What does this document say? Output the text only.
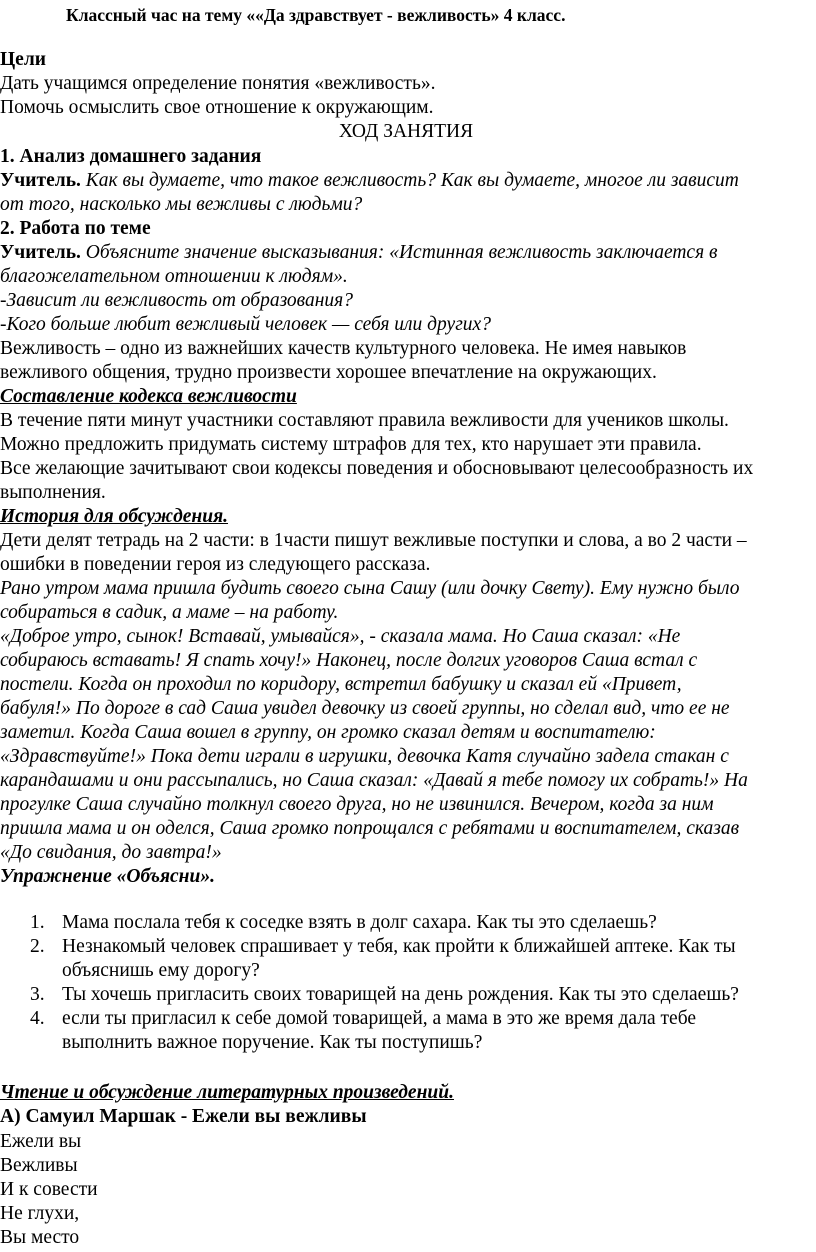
Классный час на тему ««Да здравствует - вежливость» 4 класс.

Цели

Дать учащимся определение понятия «вежливость».

Помочь осмыслить свое отношение к окружающим.

ХОД ЗАНЯТИЯ

1. Анализ домашнего задания

Учитель. Как вы думаете, что такое вежливость? Как вы думаете, многое ли зависит

от того, насколько мы вежливы с людьми?

2. Работа по теме

Учитель. Объясните значение высказывания: «Истинная вежливость заключается в

благожелательном отношении к людям».

-Зависит ли вежливость от образования?

-Кого больше любит вежливый человек — себя или других?

Вежливость – одно из важнейших качеств культурного человека. Не имея навыков

вежливого общения, трудно произвести хорошее впечатление на окружающих.

Составление кодекса вежливости

В течение пяти минут участники составляют правила вежливости для учеников школы.

Можно предложить придумать систему штрафов для тех, кто нарушает эти правила.

Все желающие зачитывают свои кодексы поведения и обосновывают целесообразность их

выполнения.

История для обсуждения.

Дети делят тетрадь на 2 части: в 1части пишут вежливые поступки и слова, а во 2 части –

ошибки в поведении героя из следующего рассказа.

Рано утром мама пришла будить своего сына Сашу (или дочку Свету). Ему нужно было

собираться в садик, а маме – на работу.

«Доброе утро, сынок! Вставай, умывайся», - сказала мама. Но Саша сказал: «Не

собираюсь вставать! Я спать хочу!» Наконец, после долгих уговоров Саша встал с

постели. Когда он проходил по коридору, встретил бабушку и сказал ей «Привет,

бабуля!» По дороге в сад Саша увидел девочку из своей группы, но сделал вид, что ее не

заметил. Когда Саша вошел в группу, он громко сказал детям и воспитателю:

«Здравствуйте!» Пока дети играли в игрушки, девочка Катя случайно задела стакан с

карандашами и они рассыпались, но Саша сказал: «Давай я тебе помогу их собрать!» На

прогулке Саша случайно толкнул своего друга, но не извинился. Вечером, когда за ним

пришла мама и он оделся, Саша громко попрощался с ребятами и воспитателем, сказав

«До свидания, до завтра!»

Упражнение «Объясни».

1. Мама послала тебя к соседке взять в долг сахара. Как ты это сделаешь?
2. Незнакомый человек спрашивает у тебя, как пройти к ближайшей аптеке. Как ты
объяснишь ему дорогу?
3. Ты хочешь пригласить своих товарищей на день рождения. Как ты это сделаешь?
4. если ты пригласил к себе домой товарищей, а мама в это же время дала тебе
выполнить важное поручение. Как ты поступишь?

Чтение и обсуждение литературных произведений.

А) Самуил Маршак - Ежели вы вежливы

Ежели вы

Вежливы

И к совести

Не глухи,

Вы место
